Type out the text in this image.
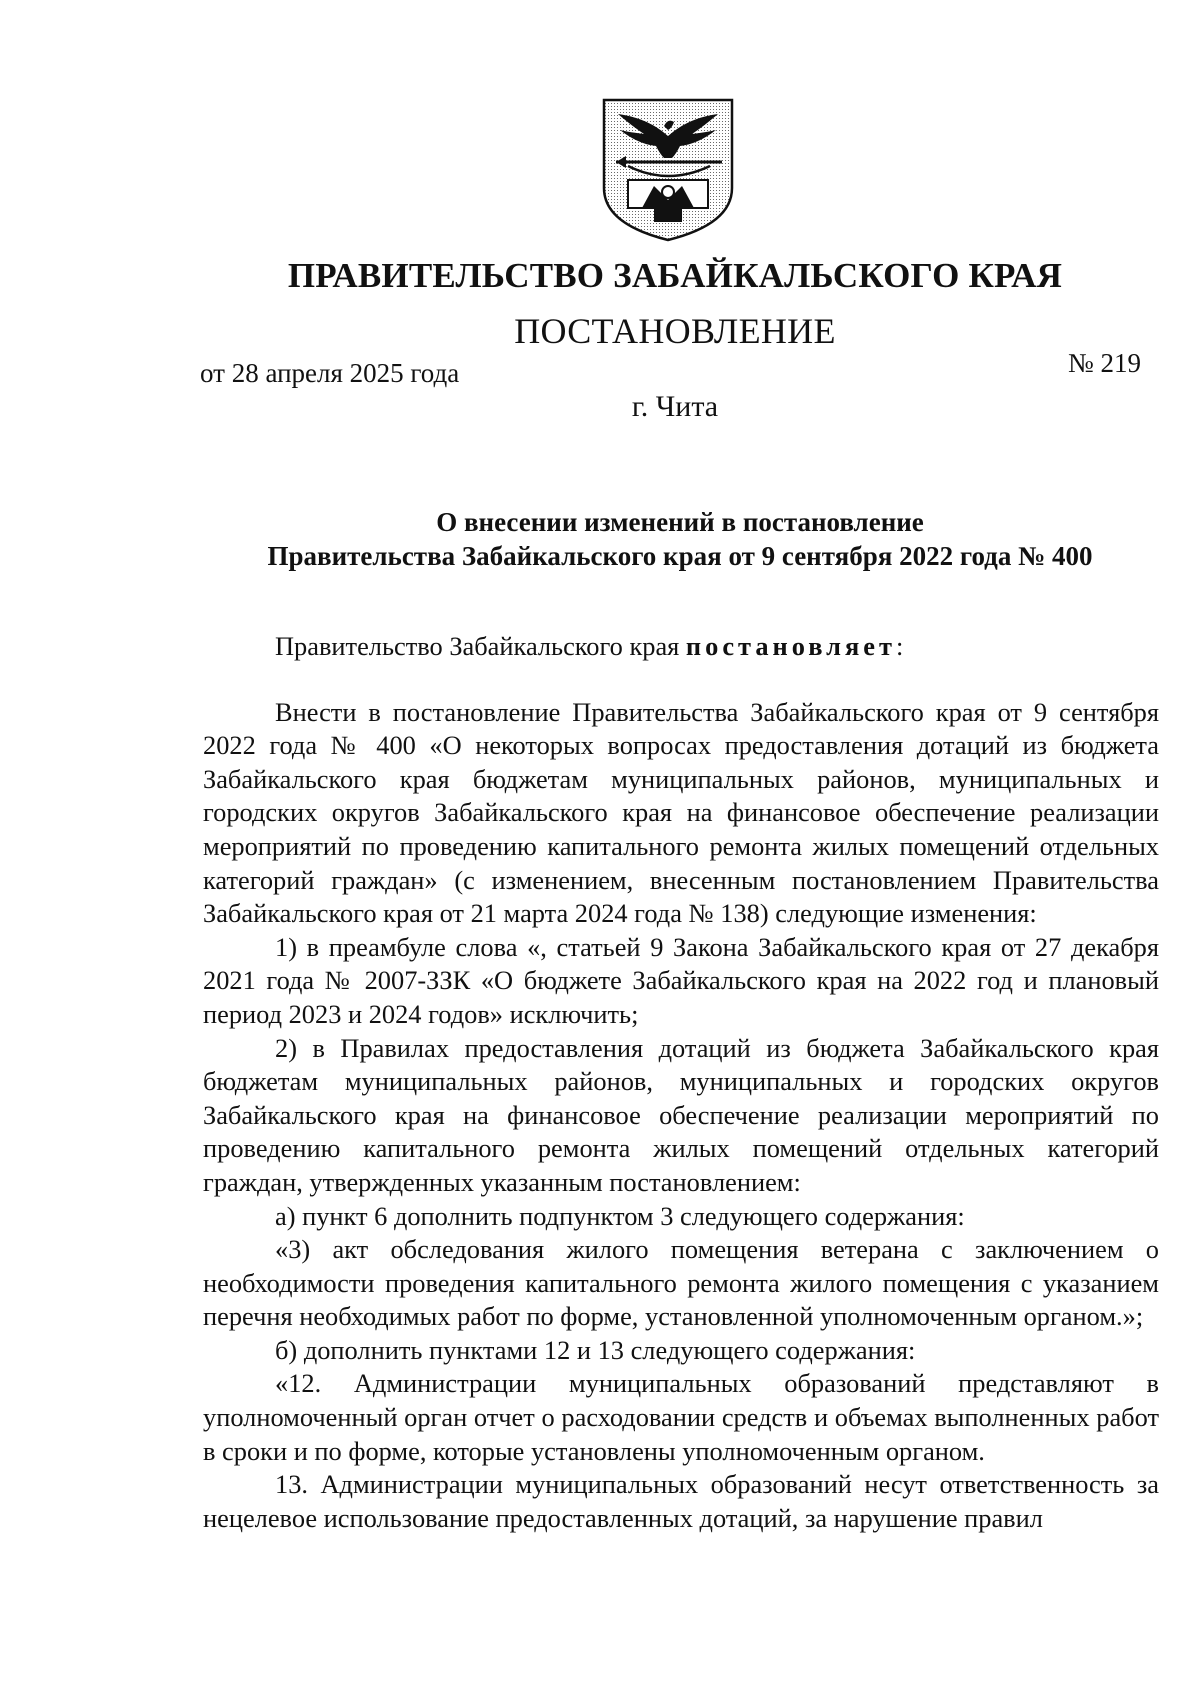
ПРАВИТЕЛЬСТВО ЗАБАЙКАЛЬСКОГО КРАЯ
ПОСТАНОВЛЕНИЕ
от 28 апреля 2025 года	№ 219
г. Чита
О внесении изменений в постановление
Правительства Забайкальского края от 9 сентября 2022 года № 400

Правительство Забайкальского края постановляет:

Внести в постановление Правительства Забайкальского края от 9 сентября 2022 года № 400 «О некоторых вопросах предоставления дотаций из бюджета Забайкальского края бюджетам муниципальных районов, муниципальных и городских округов Забайкальского края на финансовое обеспечение реализации мероприятий по проведению капитального ремонта жилых помещений отдельных категорий граждан» (с изменением, внесенным постановлением Правительства Забайкальского края от 21 марта 2024 года № 138) следующие изменения:

1) в преамбуле слова «, статьей 9 Закона Забайкальского края от 27 декабря 2021 года № 2007-ЗЗК «О бюджете Забайкальского края на 2022 год и плановый период 2023 и 2024 годов» исключить;

2) в Правилах предоставления дотаций из бюджета Забайкальского края бюджетам муниципальных районов, муниципальных и городских округов Забайкальского края на финансовое обеспечение реализации мероприятий по проведению капитального ремонта жилых помещений отдельных категорий граждан, утвержденных указанным постановлением:

а) пункт 6 дополнить подпунктом 3 следующего содержания:

«3) акт обследования жилого помещения ветерана с заключением о необходимости проведения капитального ремонта жилого помещения с указанием перечня необходимых работ по форме, установленной уполномоченным органом.»;

б) дополнить пунктами 12 и 13 следующего содержания:

«12. Администрации муниципальных образований представляют в уполномоченный орган отчет о расходовании средств и объемах выполненных работ в сроки и по форме, которые установлены уполномоченным органом.

13. Администрации муниципальных образований несут ответственность за нецелевое использование предоставленных дотаций, за нарушение правил
